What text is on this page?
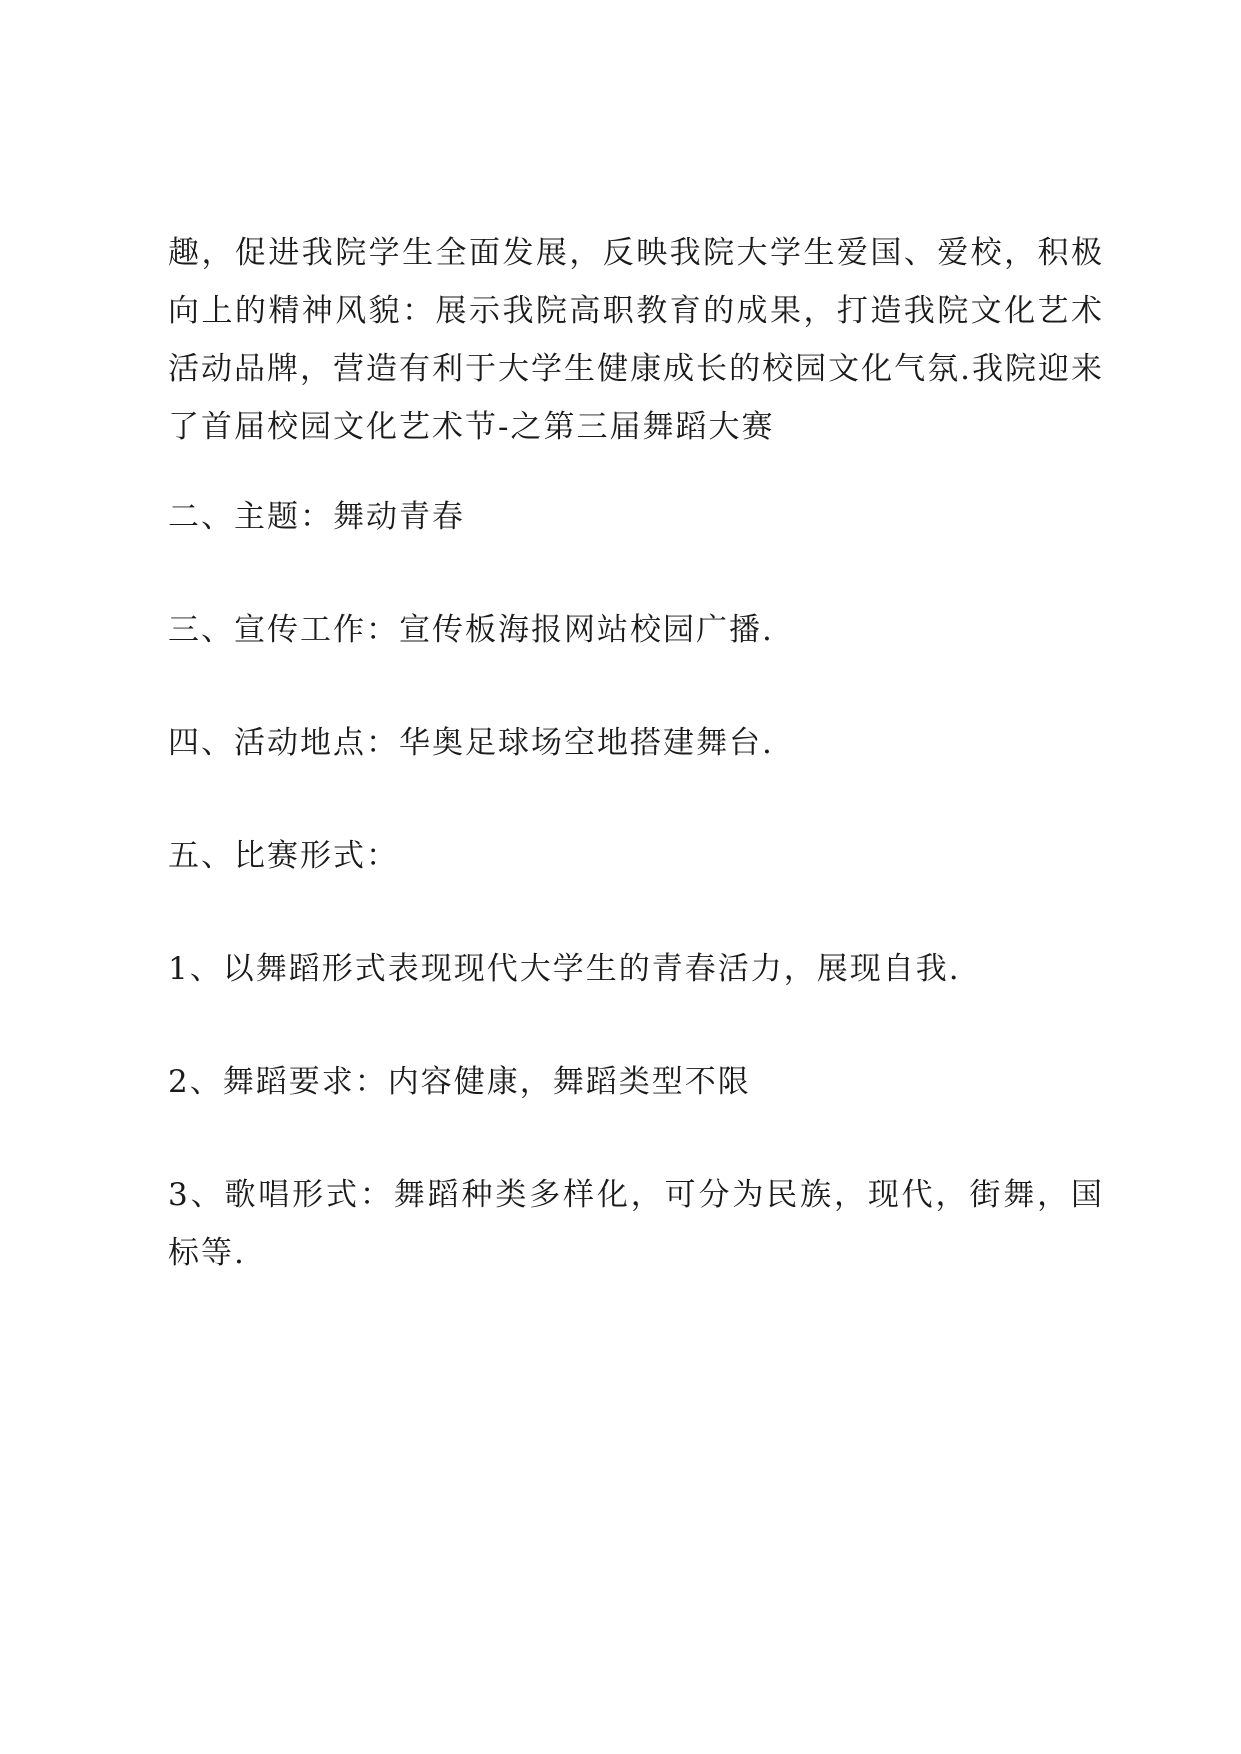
趣，促进我院学生全面发展，反映我院大学生爱国、爱校，积极向上的精神风貌：展示我院高职教育的成果，打造我院文化艺术活动品牌，营造有利于大学生健康成长的校园文化气氛.我院迎来了首届校园文化艺术节-之第三届舞蹈大赛

二、主题：舞动青春

三、宣传工作：宣传板海报网站校园广播.

四、活动地点：华奥足球场空地搭建舞台.

五、比赛形式：

1、以舞蹈形式表现现代大学生的青春活力，展现自我.

2、舞蹈要求：内容健康，舞蹈类型不限

3、歌唱形式：舞蹈种类多样化，可分为民族，现代，街舞，国标等.
